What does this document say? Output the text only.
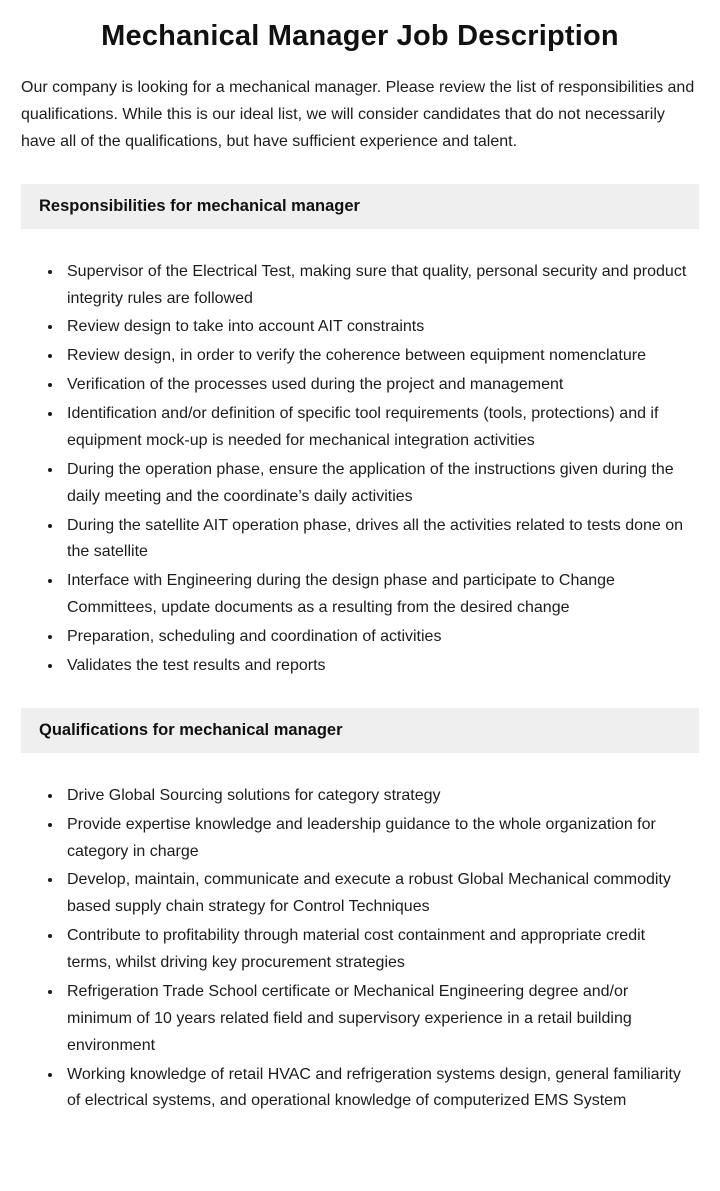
Mechanical Manager Job Description

Our company is looking for a mechanical manager. Please review the list of responsibilities and qualifications. While this is our ideal list, we will consider candidates that do not necessarily have all of the qualifications, but have sufficient experience and talent.

Responsibilities for mechanical manager
• Supervisor of the Electrical Test, making sure that quality, personal security and product integrity rules are followed
• Review design to take into account AIT constraints
• Review design, in order to verify the coherence between equipment nomenclature
• Verification of the processes used during the project and management
• Identification and/or definition of specific tool requirements (tools, protections) and if equipment mock-up is needed for mechanical integration activities
• During the operation phase, ensure the application of the instructions given during the daily meeting and the coordinate’s daily activities
• During the satellite AIT operation phase, drives all the activities related to tests done on the satellite
• Interface with Engineering during the design phase and participate to Change Committees, update documents as a resulting from the desired change
• Preparation, scheduling and coordination of activities
• Validates the test results and reports
Qualifications for mechanical manager
• Drive Global Sourcing solutions for category strategy
• Provide expertise knowledge and leadership guidance to the whole organization for category in charge
• Develop, maintain, communicate and execute a robust Global Mechanical commodity based supply chain strategy for Control Techniques
• Contribute to profitability through material cost containment and appropriate credit terms, whilst driving key procurement strategies
• Refrigeration Trade School certificate or Mechanical Engineering degree and/or minimum of 10 years related field and supervisory experience in a retail building environment
• Working knowledge of retail HVAC and refrigeration systems design, general familiarity of electrical systems, and operational knowledge of computerized EMS System
